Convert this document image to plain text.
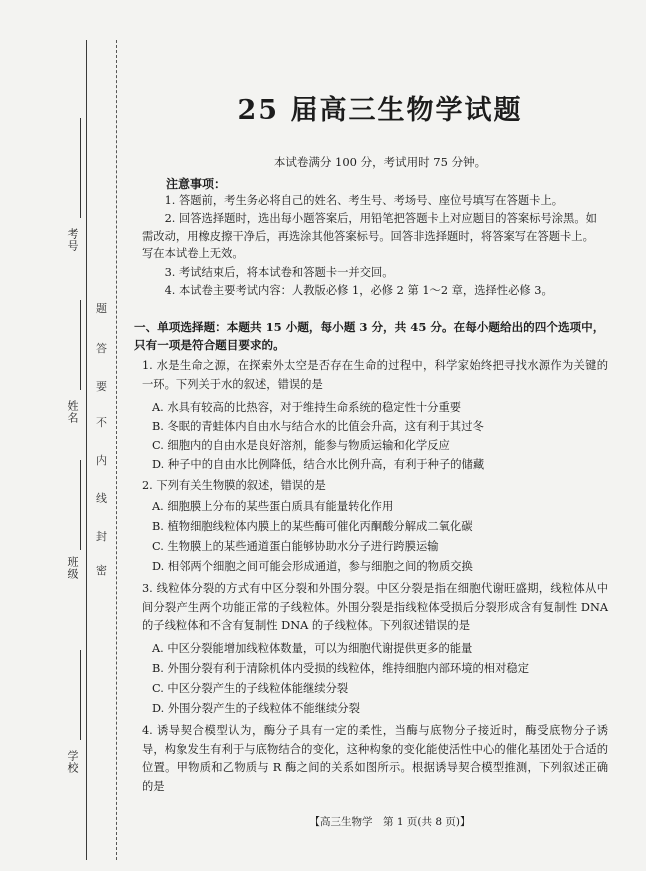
考号
姓名
班级
学校
题
答
要
不
内
线
封
密
25 届高三生物学试题
本试卷满分 100 分，考试用时 75 分钟。
注意事项：
1. 答题前，考生务必将自己的姓名、考生号、考场号、座位号填写在答题卡上。
2. 回答选择题时，选出每小题答案后，用铅笔把答题卡上对应题目的答案标号涂黑。如需改动，用橡皮擦干净后，再选涂其他答案标号。回答非选择题时，将答案写在答题卡上。写在本试卷上无效。
3. 考试结束后，将本试卷和答题卡一并交回。
4. 本试卷主要考试内容：人教版必修 1，必修 2 第 1～2 章，选择性必修 3。
一、单项选择题：本题共 15 小题，每小题 3 分，共 45 分。在每小题给出的四个选项中，只有一项是符合题目要求的。
1. 水是生命之源，在探索外太空是否存在生命的过程中，科学家始终把寻找水源作为关键的一环。下列关于水的叙述，错误的是
A. 水具有较高的比热容，对于维持生命系统的稳定性十分重要
B. 冬眠的青蛙体内自由水与结合水的比值会升高，这有利于其过冬
C. 细胞内的自由水是良好溶剂，能参与物质运输和化学反应
D. 种子中的自由水比例降低，结合水比例升高，有利于种子的储藏
2. 下列有关生物膜的叙述，错误的是
A. 细胞膜上分布的某些蛋白质具有能量转化作用
B. 植物细胞线粒体内膜上的某些酶可催化丙酮酸分解成二氧化碳
C. 生物膜上的某些通道蛋白能够协助水分子进行跨膜运输
D. 相邻两个细胞之间可能会形成通道，参与细胞之间的物质交换
3. 线粒体分裂的方式有中区分裂和外围分裂。中区分裂是指在细胞代谢旺盛期，线粒体从中间分裂产生两个功能正常的子线粒体。外围分裂是指线粒体受损后分裂形成含有复制性 DNA 的子线粒体和不含有复制性 DNA 的子线粒体。下列叙述错误的是
A. 中区分裂能增加线粒体数量，可以为细胞代谢提供更多的能量
B. 外围分裂有利于清除机体内受损的线粒体，维持细胞内部环境的相对稳定
C. 中区分裂产生的子线粒体能继续分裂
D. 外围分裂产生的子线粒体不能继续分裂
4. 诱导契合模型认为，酶分子具有一定的柔性，当酶与底物分子接近时，酶受底物分子诱导，构象发生有利于与底物结合的变化，这种构象的变化能使活性中心的催化基团处于合适的位置。甲物质和乙物质与 R 酶之间的关系如图所示。根据诱导契合模型推测，下列叙述正确的是
【高三生物学　第 1 页(共 8 页)】
